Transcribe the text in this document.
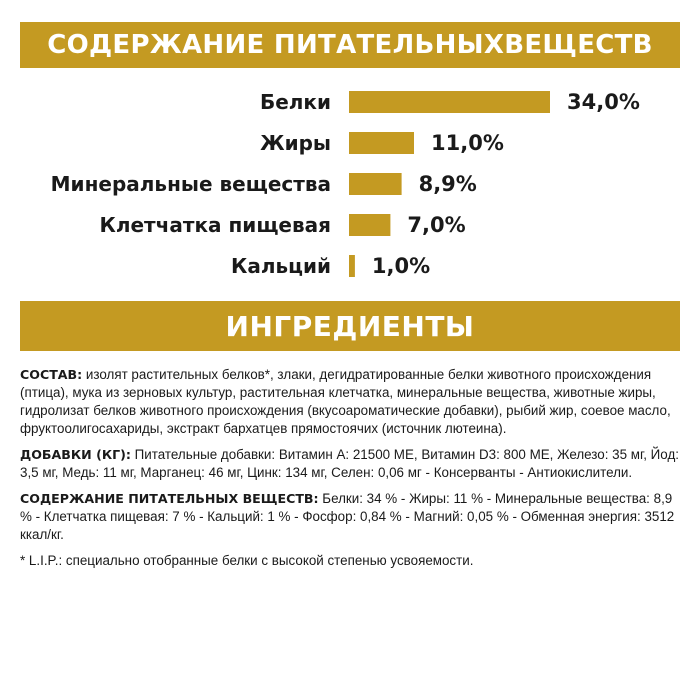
СОДЕРЖАНИЕ ПИТАТЕЛЬНЫХВЕЩЕСТВ
Белки	34,0%
Жиры	11,0%
Минеральные вещества	8,9%
Клетчатка пищевая	7,0%
Кальций 1,0%
ИНГРЕДИЕНТЫ

СОСТАВ: изолят растительных белков*, злаки, дегидратированные белки животного происхождения (птица), мука из зерновых культур, растительная клетчатка, минеральные вещества, животные жиры, гидролизат белков животного происхождения (вкусоароматические добавки), рыбий жир, соевое масло, фруктоолигосахариды, экстракт бархатцев прямостоячих (источник лютеина).

ДОБАВКИ (КГ): Питательные добавки: Витамин А: 21500 МЕ, Витамин D3: 800 МЕ, Железо: 35 мг, Йод: 3,5 мг, Медь: 11 мг, Марганец: 46 мг, Цинк: 134 мг, Селен: 0,06 мг - Консерванты - Антиокислители.

СОДЕРЖАНИЕ ПИТАТЕЛЬНЫХ ВЕЩЕСТВ: Белки: 34 % - Жиры: 11 % - Минеральные вещества: 8,9 % - Клетчатка пищевая: 7 % - Кальций: 1 % - Фосфор: 0,84 % - Магний: 0,05 % - Обменная энергия: 3512 ккал/кг.

* L.I.P.: специально отобранные белки с высокой степенью усвояемости.
